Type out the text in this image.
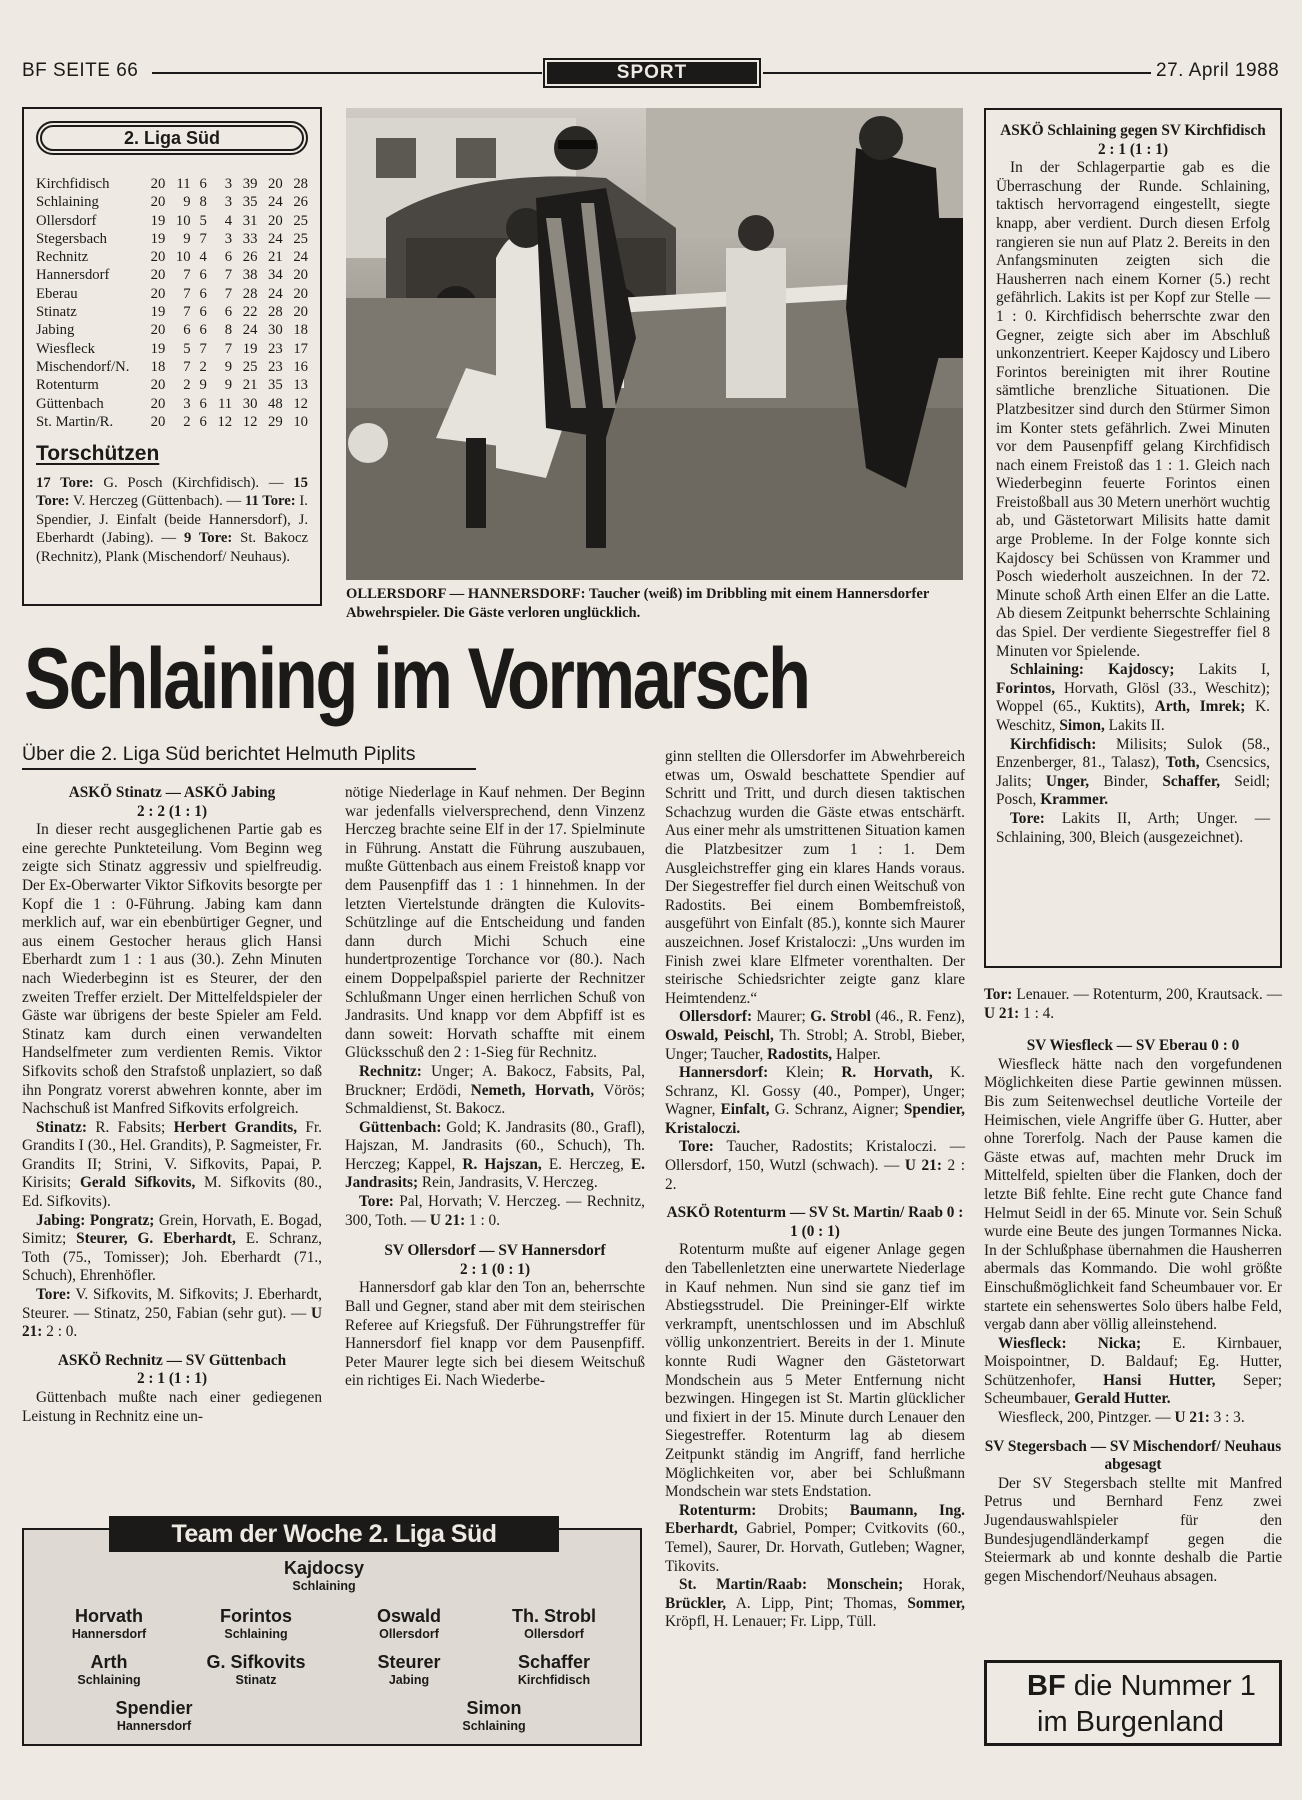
BF SEITE 66	SPORT	27. April 1988
2. Liga Süd
Kirchfidisch	20	11	6	3	39	20	28
Schlaining	20	9	8	3	35	24	26
Ollersdorf	19	10	5	4	31	20	25
Stegersbach	19	9	7	3	33	24	25
Rechnitz	20	10	4	6	26	21	24
Hannersdorf	20	7	6	7	38	34	20
Eberau	20	7	6	7	28	24	20
Stinatz	19	7	6	6	22	28	20
Jabing	20	6	6	8	24	30	18
Wiesfleck	19	5	7	7	19	23	17
Mischendorf/N.	18	7	2	9	25	23	16
Rotenturm	20	2	9	9	21	35	13
Güttenbach	20	3	6	11	30	48	12
St. Martin/R.	20	2	6	12	12	29	10
Torschützen
17 Tore: G. Posch (Kirchfidisch). — 15 Tore: V. Herczeg (Güttenbach). — 11 Tore: I. Spendier, J. Einfalt (beide Hannersdorf), J. Eberhardt (Jabing). — 9 Tore: St. Bakocz (Rechnitz), Plank (Mischendorf/ Neuhaus).
OLLERSDORF — HANNERSDORF: Taucher (weiß) im Dribbling mit einem Hannersdorfer Abwehrspieler. Die Gäste verloren unglücklich.
Schlaining im Vormarsch
Über die 2. Liga Süd berichtet Helmuth Piplits

ASKÖ Stinatz — ASKÖ Jabing

2 : 2 (1 : 1)

In dieser recht ausgeglichenen Partie gab es eine gerechte Punkteteilung. Vom Beginn weg zeigte sich Stinatz aggressiv und spielfreudig. Der Ex-Oberwarter Viktor Sifkovits besorgte per Kopf die 1 : 0-Führung. Jabing kam dann merklich auf, war ein ebenbürtiger Gegner, und aus einem Gestocher heraus glich Hansi Eberhardt zum 1 : 1 aus (30.). Zehn Minuten nach Wiederbeginn ist es Steurer, der den zweiten Treffer erzielt. Der Mittelfeldspieler der Gäste war übrigens der beste Spieler am Feld. Stinatz kam durch einen verwandelten Handselfmeter zum verdienten Remis. Viktor Sifkovits schoß den Strafstoß unplaziert, so daß ihn Pongratz vorerst abwehren konnte, aber im Nachschuß ist Manfred Sifkovits erfolgreich.

Stinatz: R. Fabsits; Herbert Grandits, Fr. Grandits I (30., Hel. Grandits), P. Sagmeister, Fr. Grandits II; Strini, V. Sifkovits, Papai, P. Kirisits; Gerald Sifkovits, M. Sifkovits (80., Ed. Sifkovits).

Jabing: Pongratz; Grein, Horvath, E. Bogad, Simitz; Steurer, G. Eberhardt, E. Schranz, Toth (75., Tomisser); Joh. Eberhardt (71., Schuch), Ehrenhöfler.

Tore: V. Sifkovits, M. Sifkovits; J. Eberhardt, Steurer. — Stinatz, 250, Fabian (sehr gut). — U 21: 2 : 0.

ASKÖ Rechnitz — SV Güttenbach

2 : 1 (1 : 1)

Güttenbach mußte nach einer gediegenen Leistung in Rechnitz eine un-

nötige Niederlage in Kauf nehmen. Der Beginn war jedenfalls vielversprechend, denn Vinzenz Herczeg brachte seine Elf in der 17. Spielminute in Führung. Anstatt die Führung auszubauen, mußte Güttenbach aus einem Freistoß knapp vor dem Pausenpfiff das 1 : 1 hinnehmen. In der letzten Viertelstunde drängten die Kulovits-Schützlinge auf die Entscheidung und fanden dann durch Michi Schuch eine hundertprozentige Torchance vor (80.). Nach einem Doppelpaßspiel parierte der Rechnitzer Schlußmann Unger einen herrlichen Schuß von Jandrasits. Und knapp vor dem Abpfiff ist es dann soweit: Horvath schaffte mit einem Glücksschuß den 2 : 1-Sieg für Rechnitz.

Rechnitz: Unger; A. Bakocz, Fabsits, Pal, Bruckner; Erdödi, Nemeth, Horvath, Vörös; Schmaldienst, St. Bakocz.

Güttenbach: Gold; K. Jandrasits (80., Grafl), Hajszan, M. Jandrasits (60., Schuch), Th. Herczeg; Kappel, R. Hajszan, E. Herczeg, E. Jandrasits; Rein, Jandrasits, V. Herczeg.

Tore: Pal, Horvath; V. Herczeg. — Rechnitz, 300, Toth. — U 21: 1 : 0.

SV Ollersdorf — SV Hannersdorf

2 : 1 (0 : 1)

Hannersdorf gab klar den Ton an, beherrschte Ball und Gegner, stand aber mit dem steirischen Referee auf Kriegsfuß. Der Führungstreffer für Hannersdorf fiel knapp vor dem Pausenpfiff. Peter Maurer legte sich bei diesem Weitschuß ein richtiges Ei. Nach Wiederbe-

ginn stellten die Ollersdorfer im Abwehrbereich etwas um, Oswald beschattete Spendier auf Schritt und Tritt, und durch diesen taktischen Schachzug wurden die Gäste etwas entschärft. Aus einer mehr als umstrittenen Situation kamen die Platzbesitzer zum 1 : 1. Dem Ausgleichstreffer ging ein klares Hands voraus. Der Siegestreffer fiel durch einen Weitschuß von Radostits. Bei einem Bombemfreistoß, ausgeführt von Einfalt (85.), konnte sich Maurer auszeichnen. Josef Kristaloczi: „Uns wurden im Finish zwei klare Elfmeter vorenthalten. Der steirische Schiedsrichter zeigte ganz klare Heimtendenz.“

Ollersdorf: Maurer; G. Strobl (46., R. Fenz), Oswald, Peischl, Th. Strobl; A. Strobl, Bieber, Unger; Taucher, Radostits, Halper.

Hannersdorf: Klein; R. Horvath, K. Schranz, Kl. Gossy (40., Pomper), Unger; Wagner, Einfalt, G. Schranz, Aigner; Spendier, Kristaloczi.

Tore: Taucher, Radostits; Kristaloczi. — Ollersdorf, 150, Wutzl (schwach). — U 21: 2 : 2.

ASKÖ Rotenturm — SV St. Martin/ Raab 0 : 1 (0 : 1)

Rotenturm mußte auf eigener Anlage gegen den Tabellenletzten eine unerwartete Niederlage in Kauf nehmen. Nun sind sie ganz tief im Abstiegsstrudel. Die Preininger-Elf wirkte verkrampft, unentschlossen und im Abschluß völlig unkonzentriert. Bereits in der 1. Minute konnte Rudi Wagner den Gästetorwart Mondschein aus 5 Meter Entfernung nicht bezwingen. Hingegen ist St. Martin glücklicher und fixiert in der 15. Minute durch Lenauer den Siegestreffer. Rotenturm lag ab diesem Zeitpunkt ständig im Angriff, fand herrliche Möglichkeiten vor, aber bei Schlußmann Mondschein war stets Endstation.

Rotenturm: Drobits; Baumann, Ing. Eberhardt, Gabriel, Pomper; Cvitkovits (60., Temel), Saurer, Dr. Horvath, Gutleben; Wagner, Tikovits.

St. Martin/Raab: Monschein; Horak, Brückler, A. Lipp, Pint; Thomas, Sommer, Kröpfl, H. Lenauer; Fr. Lipp, Tüll.

ASKÖ Schlaining gegen SV Kirchfidisch 2 : 1 (1 : 1)

In der Schlagerpartie gab es die Überraschung der Runde. Schlaining, taktisch hervorragend eingestellt, siegte knapp, aber verdient. Durch diesen Erfolg rangieren sie nun auf Platz 2. Bereits in den Anfangsminuten zeigten sich die Hausherren nach einem Korner (5.) recht gefährlich. Lakits ist per Kopf zur Stelle — 1 : 0. Kirchfidisch beherrschte zwar den Gegner, zeigte sich aber im Abschluß unkonzentriert. Keeper Kajdoscy und Libero Forintos bereinigten mit ihrer Routine sämtliche brenzliche Situationen. Die Platzbesitzer sind durch den Stürmer Simon im Konter stets gefährlich. Zwei Minuten vor dem Pausenpfiff gelang Kirchfidisch nach einem Freistoß das 1 : 1. Gleich nach Wiederbeginn feuerte Forintos einen Freistoßball aus 30 Metern unerhört wuchtig ab, und Gästetorwart Milisits hatte damit arge Probleme. In der Folge konnte sich Kajdoscy bei Schüssen von Krammer und Posch wiederholt auszeichnen. In der 72. Minute schoß Arth einen Elfer an die Latte. Ab diesem Zeitpunkt beherrschte Schlaining das Spiel. Der verdiente Siegestreffer fiel 8 Minuten vor Spielende.

Schlaining: Kajdoscy; Lakits I, Forintos, Horvath, Glösl (33., Weschitz); Woppel (65., Kuktits), Arth, Imrek; K. Weschitz, Simon, Lakits II.

Kirchfidisch: Milisits; Sulok (58., Enzenberger, 81., Talasz), Toth, Csencsics, Jalits; Unger, Binder, Schaffer, Seidl; Posch, Krammer.

Tore: Lakits II, Arth; Unger. — Schlaining, 300, Bleich (ausgezeichnet).

Tor: Lenauer. — Rotenturm, 200, Krautsack. — U 21: 1 : 4.

SV Wiesfleck — SV Eberau 0 : 0

Wiesfleck hätte nach den vorgefundenen Möglichkeiten diese Partie gewinnen müssen. Bis zum Seitenwechsel deutliche Vorteile der Heimischen, viele Angriffe über G. Hutter, aber ohne Torerfolg. Nach der Pause kamen die Gäste etwas auf, machten mehr Druck im Mittelfeld, spielten über die Flanken, doch der letzte Biß fehlte. Eine recht gute Chance fand Helmut Seidl in der 65. Minute vor. Sein Schuß wurde eine Beute des jungen Tormannes Nicka. In der Schlußphase übernahmen die Hausherren abermals das Kommando. Die wohl größte Einschußmöglichkeit fand Scheumbauer vor. Er startete ein sehenswertes Solo übers halbe Feld, vergab dann aber völlig alleinstehend.

Wiesfleck: Nicka; E. Kirnbauer, Moispointner, D. Baldauf; Eg. Hutter, Schützenhofer, Hansi Hutter, Seper; Scheumbauer, Gerald Hutter.

Wiesfleck, 200, Pintzger. — U 21: 3 : 3.

SV Stegersbach — SV Mischendorf/ Neuhaus abgesagt

Der SV Stegersbach stellte mit Manfred Petrus und Bernhard Fenz zwei Jugendauswahlspieler für den Bundesjugendländerkampf gegen die Steiermark ab und konnte deshalb die Partie gegen Mischendorf/Neuhaus absagen.

BF die Nummer 1
im Burgenland
Team der Woche 2. Liga Süd
Kajdocsy
Schlaining
Horvath
Hannersdorf
Forintos
Schlaining
Oswald
Ollersdorf
Th. Strobl
Ollersdorf
Arth
Schlaining
G. Sifkovits
Stinatz
Steurer
Jabing
Schaffer
Kirchfidisch
Spendier
Hannersdorf
Simon
Schlaining
